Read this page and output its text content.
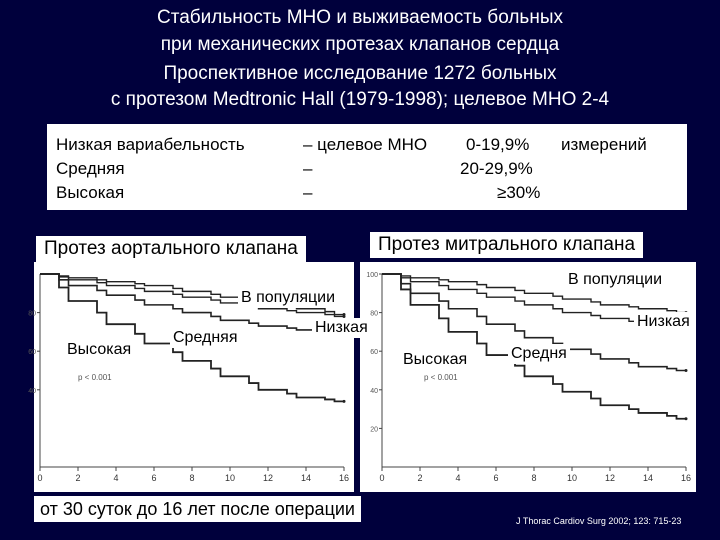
Стабильность МНО и выживаемость больных
при механических протезах клапанов сердца
Проспективное исследование 1272 больных
с протезом Medtronic Hall (1979-1998); целевое МНО 2-4
Низкая вариабельность	– целевое МНО 0-19,9% измерений
Средняя	–	20-29,9%
Высокая	–	≥30%
0	2	4	6	8	10	12	14	16
80
60
40
p < 0.001
0	2	4	6	8	10	12	14	16
100
80
60
40
20
p < 0.001
Протез аортального клапана	Протез митрального клапана
В популяции
Низкая
Средняя
Высокая
В популяции
Низкая
Средня
Высокая
от 30 суток до 16 лет после операции
J Thorac Cardiov Surg 2002; 123: 715-23
